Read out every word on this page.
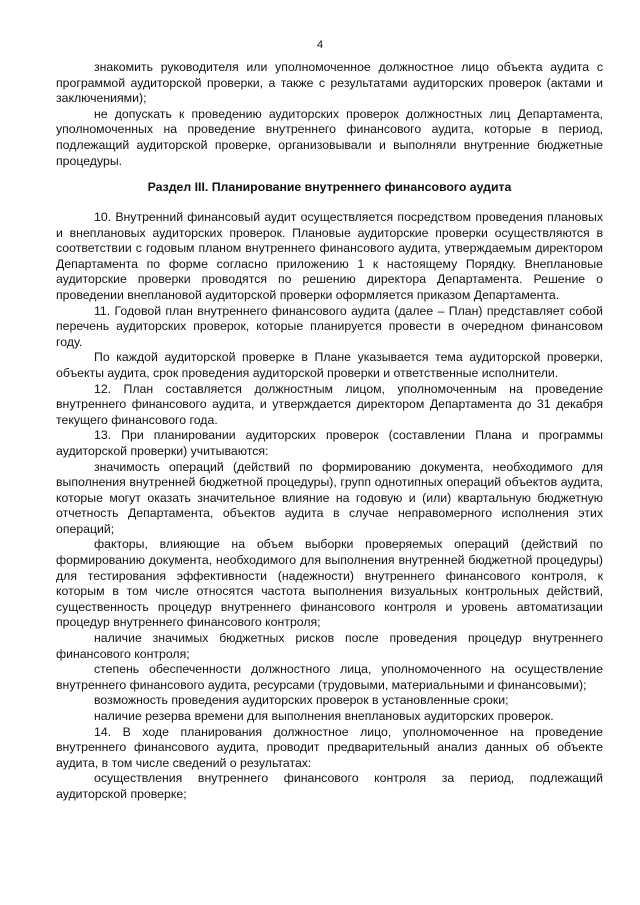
4

знакомить руководителя или уполномоченное должностное лицо объекта аудита с программой аудиторской проверки, а также с результатами аудиторских проверок (актами и заключениями);

не допускать к проведению аудиторских проверок должностных лиц Департамента, уполномоченных на проведение внутреннего финансового аудита, которые в период, подлежащий аудиторской проверке, организовывали и выполняли внутренние бюджетные процедуры.

Раздел III. Планирование внутреннего финансового аудита

10. Внутренний финансовый аудит осуществляется посредством проведения плановых и внеплановых аудиторских проверок. Плановые аудиторские проверки осуществляются в соответствии с годовым планом внутреннего финансового аудита, утверждаемым директором Департамента по форме согласно приложению 1 к настоящему Порядку. Внеплановые аудиторские проверки проводятся по решению директора Департамента. Решение о проведении внеплановой аудиторской проверки оформляется приказом Департамента.

11. Годовой план внутреннего финансового аудита (далее – План) представляет собой перечень аудиторских проверок, которые планируется провести в очередном финансовом году.

По каждой аудиторской проверке в Плане указывается тема аудиторской проверки, объекты аудита, срок проведения аудиторской проверки и ответственные исполнители.

12. План составляется должностным лицом, уполномоченным на проведение внутреннего финансового аудита, и утверждается директором Департамента до 31 декабря текущего финансового года.

13. При планировании аудиторских проверок (составлении Плана и программы аудиторской проверки) учитываются:

значимость операций (действий по формированию документа, необходимого для выполнения внутренней бюджетной процедуры), групп однотипных операций объектов аудита, которые могут оказать значительное влияние на годовую и (или) квартальную бюджетную отчетность Департамента, объектов аудита в случае неправомерного исполнения этих операций;

факторы, влияющие на объем выборки проверяемых операций (действий по формированию документа, необходимого для выполнения внутренней бюджетной процедуры) для тестирования эффективности (надежности) внутреннего финансового контроля, к которым в том числе относятся частота выполнения визуальных контрольных действий, существенность процедур внутреннего финансового контроля и уровень автоматизации процедур внутреннего финансового контроля;

наличие значимых бюджетных рисков после проведения процедур внутреннего финансового контроля;

степень обеспеченности должностного лица, уполномоченного на осуществление внутреннего финансового аудита, ресурсами (трудовыми, материальными и финансовыми);

возможность проведения аудиторских проверок в установленные сроки;

наличие резерва времени для выполнения внеплановых аудиторских проверок.

14. В ходе планирования должностное лицо, уполномоченное на проведение внутреннего финансового аудита, проводит предварительный анализ данных об объекте аудита, в том числе сведений о результатах:

осуществления внутреннего финансового контроля за период, подлежащий аудиторской проверке;
